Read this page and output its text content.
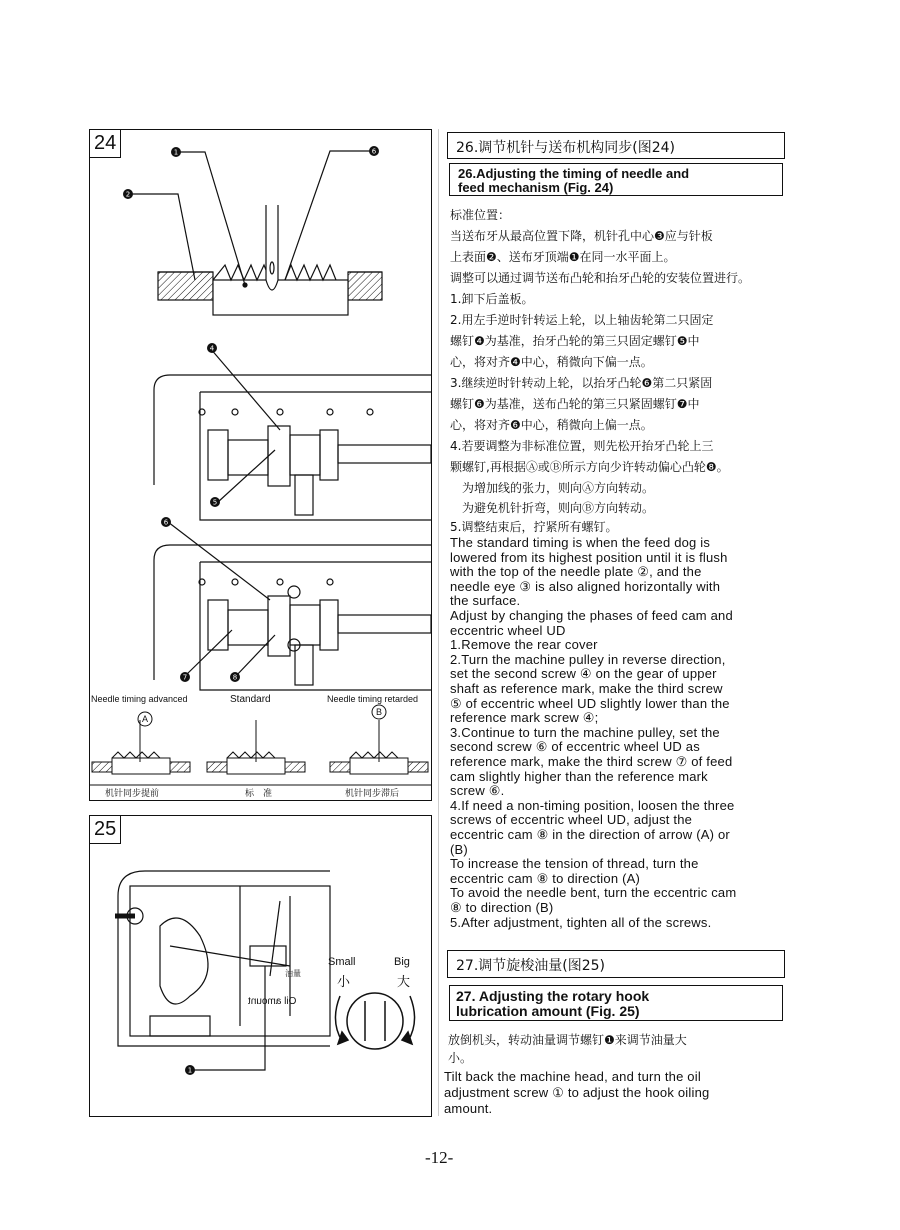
24	1
2
4
5
6
6
7	8
Needle timing advanced	Standard	Needle timing retarded
A
B
机针同步提前	标　准	机针同步滞后
25
1
Small
小
Big
大
油量
Oil amount
26.调节机针与送布机构同步(图24)
26.Adjusting the timing of needle and
feed mechanism (Fig. 24)
标准位置：
当送布牙从最高位置下降，机针孔中心❸应与针板
上表面❷、送布牙顶端❶在同一水平面上。
调整可以通过调节送布凸轮和抬牙凸轮的安装位置进行。
1.卸下后盖板。
2.用左手逆时针转运上轮，以上轴齿轮第二只固定
螺钉❹为基准，抬牙凸轮的第三只固定螺钉❺中
心，将对齐❹中心，稍微向下偏一点。
3.继续逆时针转动上轮，以抬牙凸轮❻第二只紧固
螺钉❻为基准，送布凸轮的第三只紧固螺钉❼中
心，将对齐❻中心，稍微向上偏一点。
4.若要调整为非标准位置，则先松开抬牙凸轮上三
颗螺钉,再根据Ⓐ或Ⓑ所示方向少许转动偏心凸轮❽。
　为增加线的张力，则向Ⓐ方向转动。
　为避免机针折弯，则向Ⓑ方向转动。
5.调整结束后，拧紧所有螺钉。
The standard timing is when the feed dog is
lowered from its highest position until it is flush
with the top of the needle plate ②, and the
needle eye ③ is also aligned horizontally with
the surface.
Adjust by changing the phases of feed cam and
eccentric wheel UD
1.Remove the rear cover
2.Turn the machine pulley in reverse direction,
set the second screw ④ on the gear of upper
shaft as reference mark, make the third screw
⑤ of eccentric wheel UD slightly lower than the
reference mark screw ④;
3.Continue to turn the machine pulley, set the
second screw ⑥ of eccentric wheel UD as
reference mark, make the third screw ⑦ of feed
cam slightly higher than the reference mark
screw ⑥.
4.If need a non-timing position, loosen the three
screws of eccentric wheel UD, adjust the
eccentric cam ⑧ in the direction of arrow (A) or
(B)
To increase the tension of thread, turn the
eccentric cam ⑧ to direction (A)
To avoid the needle bent, turn the eccentric cam
⑧ to direction (B)
5.After adjustment, tighten all of the screws.
27.调节旋梭油量(图25)
27. Adjusting the rotary hook
lubrication amount (Fig. 25)
放倒机头，转动油量调节螺钉❶来调节油量大
小。
Tilt back the machine head, and turn the oil
adjustment screw ① to adjust the hook oiling
amount.
-12-
